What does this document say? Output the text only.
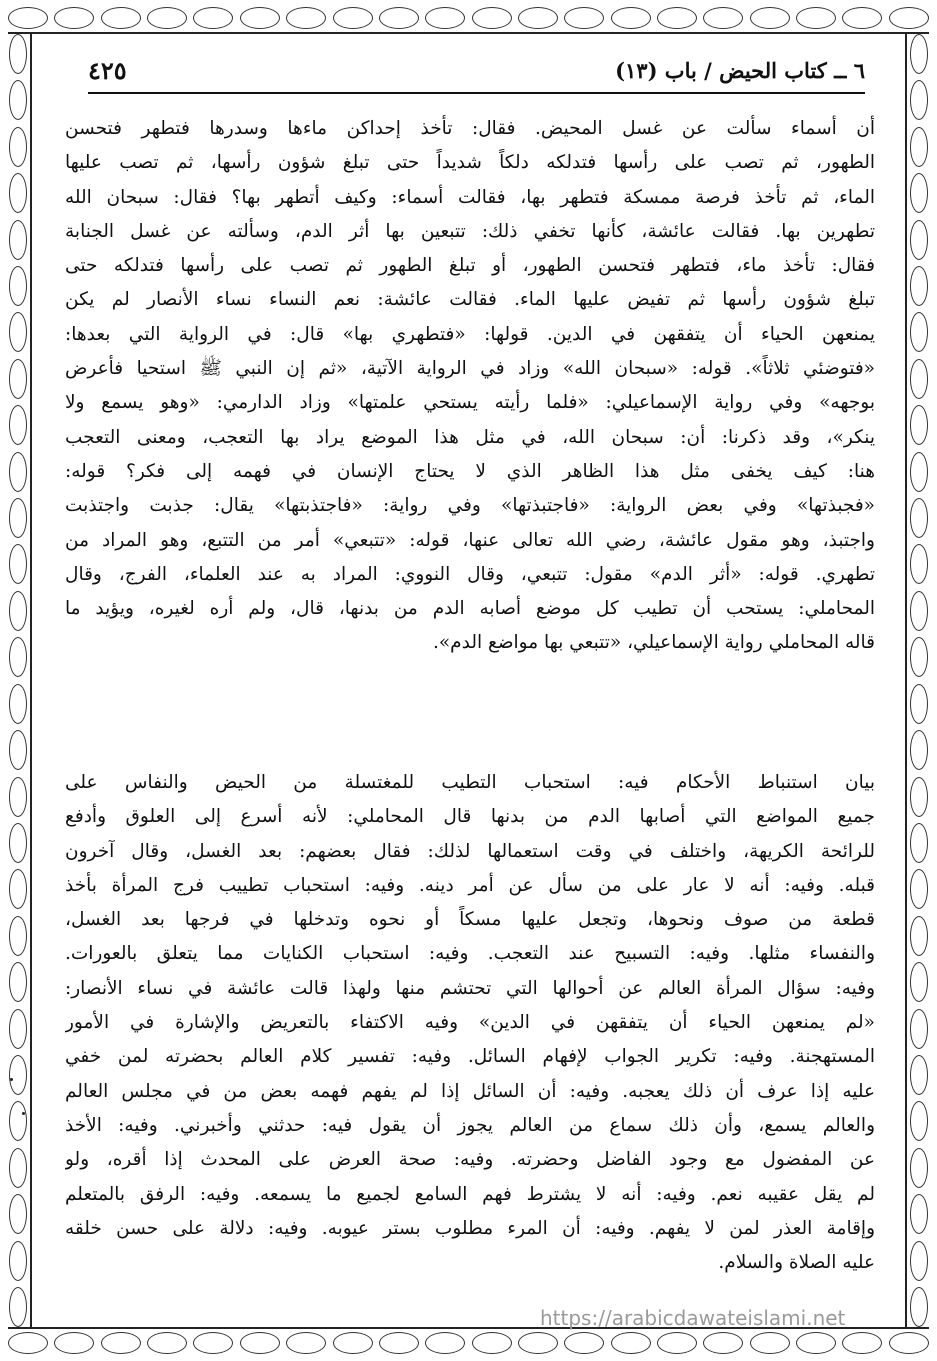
٦ ــ كتاب الحيض / باب (١٣)
٤٢٥
أن أسماء سألت عن غسل المحيض. فقال: تأخذ إحداكن ماءها وسدرها فتطهر فتحسن
الطهور، ثم تصب على رأسها فتدلكه دلكاً شديداً حتى تبلغ شؤون رأسها، ثم تصب عليها
الماء، ثم تأخذ فرصة ممسكة فتطهر بها، فقالت أسماء: وكيف أتطهر بها؟ فقال: سبحان الله
تطهرين بها. فقالت عائشة، كأنها تخفي ذلك: تتبعين بها أثر الدم، وسألته عن غسل الجنابة
فقال: تأخذ ماء، فتطهر فتحسن الطهور، أو تبلغ الطهور ثم تصب على رأسها فتدلكه حتى
تبلغ شؤون رأسها ثم تفيض عليها الماء. فقالت عائشة: نعم النساء نساء الأنصار لم يكن
يمنعهن الحياء أن يتفقهن في الدين. قولها: «فتطهري بها» قال: في الرواية التي بعدها:
«فتوضئي ثلاثاً». قوله: «سبحان الله» وزاد في الرواية الآتية، «ثم إن النبي ﷺ استحيا فأعرض
بوجهه» وفي رواية الإسماعيلي: «فلما رأيته يستحي علمتها» وزاد الدارمي: «وهو يسمع ولا
ينكر»، وقد ذكرنا: أن: سبحان الله، في مثل هذا الموضع يراد بها التعجب، ومعنى التعجب
هنا: كيف يخفى مثل هذا الظاهر الذي لا يحتاج الإنسان في فهمه إلى فكر؟ قوله:
«فجبذتها» وفي بعض الرواية: «فاجتبذتها» وفي رواية: «فاجتذبتها» يقال: جذبت واجتذبت
واجتبذ، وهو مقول عائشة، رضي الله تعالى عنها، قوله: «تتبعي» أمر من التتبع، وهو المراد من
تطهري. قوله: «أثر الدم» مقول: تتبعي، وقال النووي: المراد به عند العلماء، الفرج، وقال
المحاملي: يستحب أن تطيب كل موضع أصابه الدم من بدنها، قال، ولم أره لغيره، ويؤيد ما
قاله المحاملي رواية الإسماعيلي، «تتبعي بها مواضع الدم».
بيان استنباط الأحكام فيه: استحباب التطيب للمغتسلة من الحيض والنفاس على
جميع المواضع التي أصابها الدم من بدنها قال المحاملي: لأنه أسرع إلى العلوق وأدفع
للرائحة الكريهة، واختلف في وقت استعمالها لذلك: فقال بعضهم: بعد الغسل، وقال آخرون
قبله. وفيه: أنه لا عار على من سأل عن أمر دينه. وفيه: استحباب تطييب فرج المرأة بأخذ
قطعة من صوف ونحوها، وتجعل عليها مسكاً أو نحوه وتدخلها في فرجها بعد الغسل،
والنفساء مثلها. وفيه: التسبيح عند التعجب. وفيه: استحباب الكنايات مما يتعلق بالعورات.
وفيه: سؤال المرأة العالم عن أحوالها التي تحتشم منها ولهذا قالت عائشة في نساء الأنصار:
«لم يمنعهن الحياء أن يتفقهن في الدين» وفيه الاكتفاء بالتعريض والإشارة في الأمور
المستهجنة. وفيه: تكرير الجواب لإفهام السائل. وفيه: تفسير كلام العالم بحضرته لمن خفي
عليه إذا عرف أن ذلك يعجبه. وفيه: أن السائل إذا لم يفهم فهمه بعض من في مجلس العالم
والعالم يسمع، وأن ذلك سماع من العالم يجوز أن يقول فيه: حدثني وأخبرني. وفيه: الأخذ
عن المفضول مع وجود الفاضل وحضرته. وفيه: صحة العرض على المحدث إذا أقره، ولو
لم يقل عقيبه نعم. وفيه: أنه لا يشترط فهم السامع لجميع ما يسمعه. وفيه: الرفق بالمتعلم
وإقامة العذر لمن لا يفهم. وفيه: أن المرء مطلوب بستر عيوبه. وفيه: دلالة على حسن خلقه
عليه الصلاة والسلام.
https://arabicdawateislami.net
